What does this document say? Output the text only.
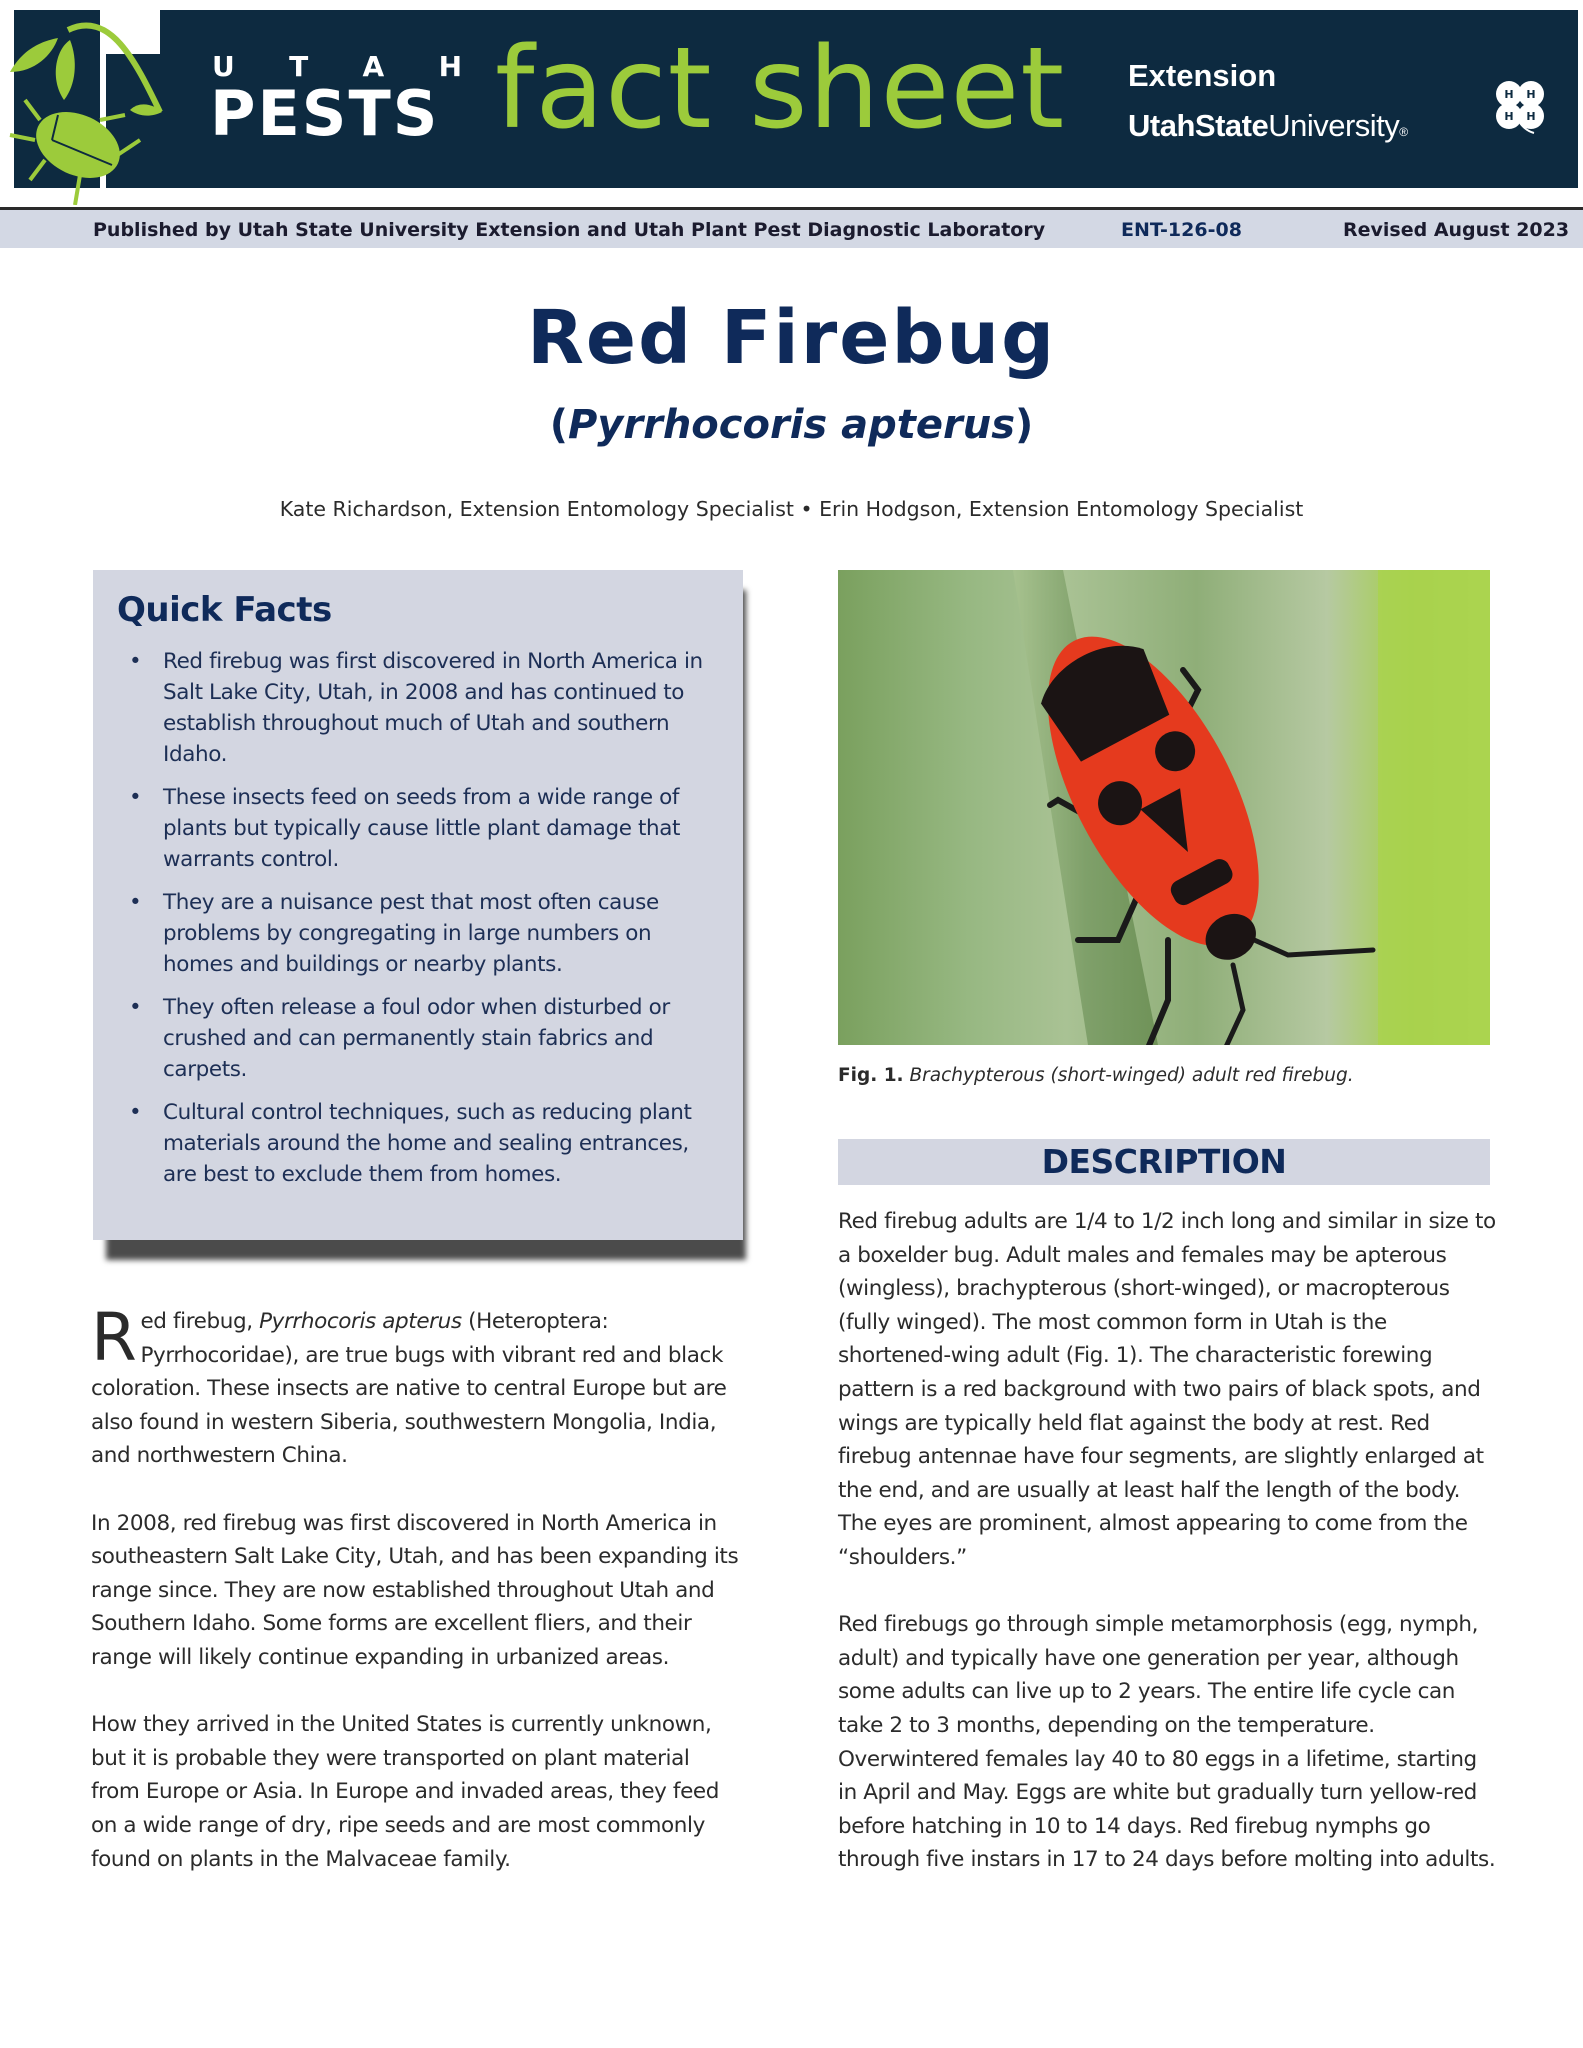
U T A H
PESTS fact sheet Extension
UtahStateUniversity®
H H
H H
Published by Utah State University Extension and Utah Plant Pest Diagnostic Laboratory	ENT-126-08	Revised August 2023
Red Firebug
(Pyrrhocoris apterus)
Kate Richardson, Extension Entomology Specialist • Erin Hodgson, Extension Entomology Specialist
Quick Facts
• Red firebug was first discovered in North America in Salt Lake City, Utah, in 2008 and has continued to establish throughout much of Utah and southern Idaho.
• These insects feed on seeds from a wide range of plants but typically cause little plant damage that warrants control.
• They are a nuisance pest that most often cause problems by congregating in large numbers on homes and buildings or nearby plants.
• They often release a foul odor when disturbed or crushed and can permanently stain fabrics and carpets.
• Cultural control techniques, such as reducing plant materials around the home and sealing entrances, are best to exclude them from homes.

Red firebug, Pyrrhocoris apterus (Heteroptera: Pyrrhocoridae), are true bugs with vibrant red and black coloration. These insects are native to central Europe but are also found in western Siberia, southwestern Mongolia, India, and northwestern China.

In 2008, red firebug was first discovered in North America in southeastern Salt Lake City, Utah, and has been expanding its range since. They are now established throughout Utah and Southern Idaho. Some forms are excellent fliers, and their range will likely continue expanding in urbanized areas.

How they arrived in the United States is currently unknown, but it is probable they were transported on plant material from Europe or Asia. In Europe and invaded areas, they feed on a wide range of dry, ripe seeds and are most commonly found on plants in the Malvaceae family.

Fig. 1. Brachypterous (short-winged) adult red firebug.
DESCRIPTION

Red firebug adults are 1/4 to 1/2 inch long and similar in size to a boxelder bug. Adult males and females may be apterous (wingless), brachypterous (short-winged), or macropterous (fully winged). The most common form in Utah is the shortened-wing adult (Fig. 1). The characteristic forewing pattern is a red background with two pairs of black spots, and wings are typically held flat against the body at rest. Red firebug antennae have four segments, are slightly enlarged at the end, and are usually at least half the length of the body. The eyes are prominent, almost appearing to come from the “shoulders.”

Red firebugs go through simple metamorphosis (egg, nymph, adult) and typically have one generation per year, although some adults can live up to 2 years. The entire life cycle can take 2 to 3 months, depending on the temperature. Overwintered females lay 40 to 80 eggs in a lifetime, starting in April and May. Eggs are white but gradually turn yellow-red before hatching in 10 to 14 days. Red firebug nymphs go through five instars in 17 to 24 days before molting into adults.
